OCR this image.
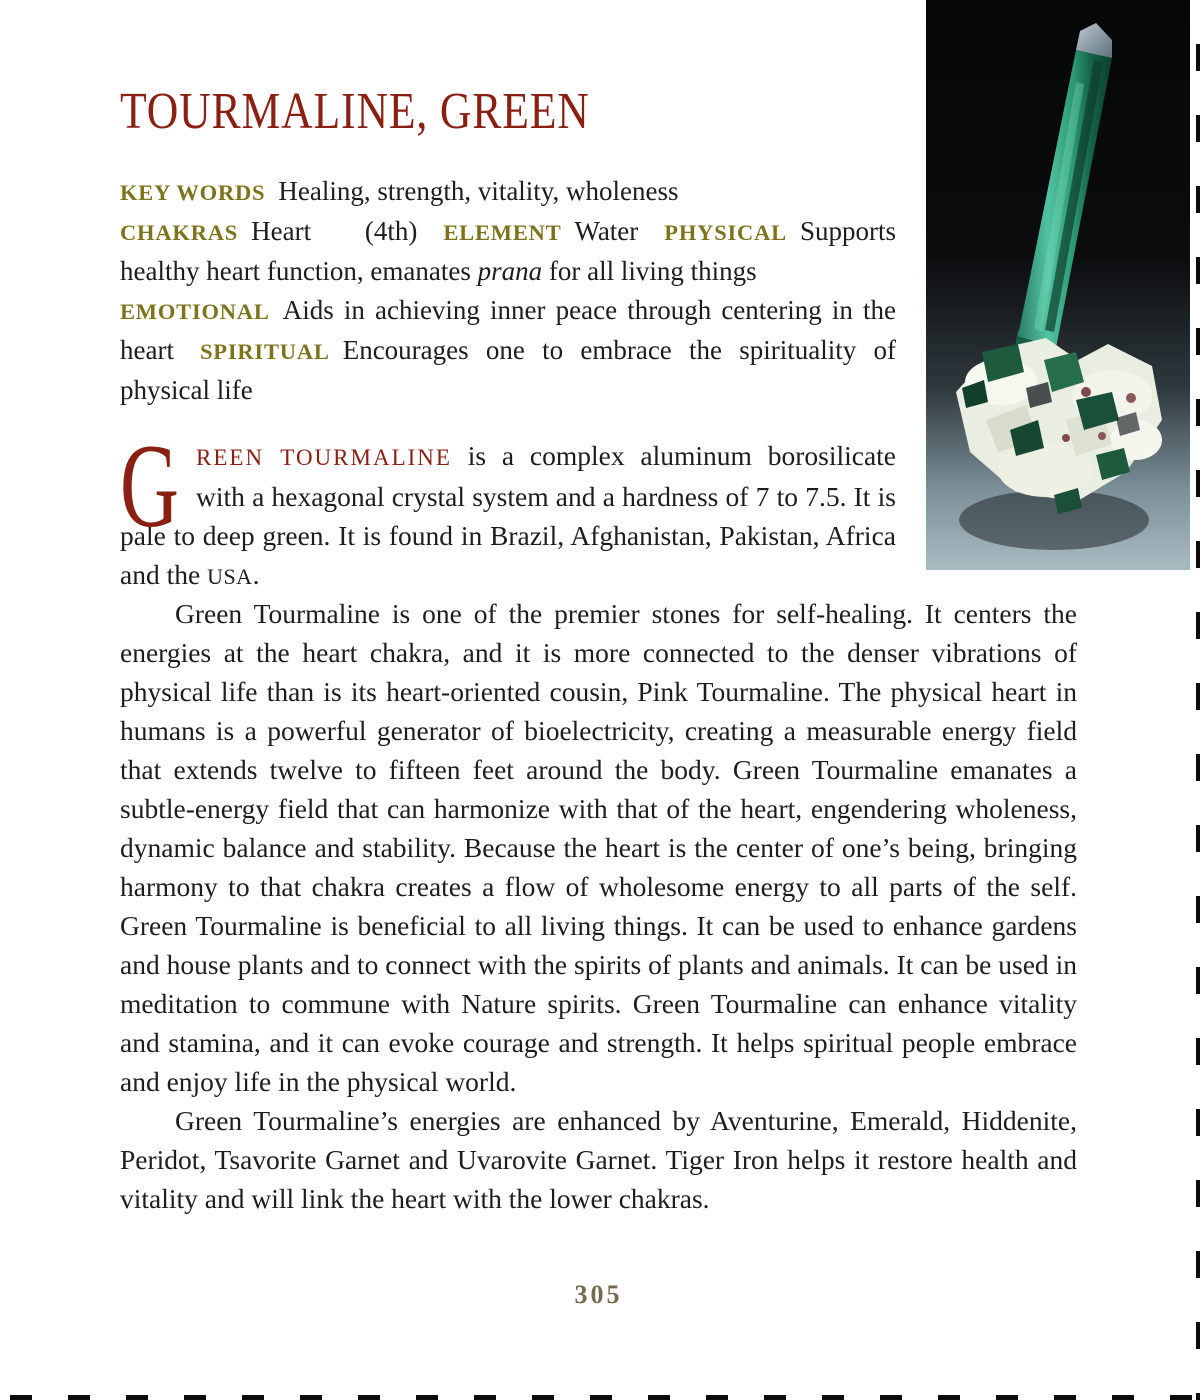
TOURMALINE, GREEN

KEY WORDS Healing, strength, vitality, wholeness

CHAKRAS Heart (4th) ELEMENT Water PHYSICAL Supports healthy heart function, emanates prana for all living things

EMOTIONAL Aids in achieving inner peace through centering in the heart SPIRITUAL Encourages one to embrace the spirituality of physical life

GREEN TOURMALINE is a complex aluminum borosilicate with a hexagonal crystal system and a hardness of 7 to 7.5. It is pale to deep green. It is found in Brazil, Afghanistan, Pakistan, Africa and the USA.

Green Tourmaline is one of the premier stones for self-healing. It centers the energies at the heart chakra, and it is more connected to the denser vibrations of physical life than is its heart-oriented cousin, Pink Tourmaline. The physical heart in humans is a powerful generator of bioelectricity, creating a measurable energy field that extends twelve to fifteen feet around the body. Green Tourmaline emanates a subtle-energy field that can harmonize with that of the heart, engendering wholeness, dynamic balance and stability. Because the heart is the center of one’s being, bringing harmony to that chakra creates a flow of wholesome energy to all parts of the self. Green Tourmaline is beneficial to all living things. It can be used to enhance gardens and house plants and to connect with the spirits of plants and animals. It can be used in meditation to commune with Nature spirits. Green Tourmaline can enhance vitality and stamina, and it can evoke courage and strength. It helps spiritual people embrace and enjoy life in the physical world.

Green Tourmaline’s energies are enhanced by Aventurine, Emerald, Hiddenite, Peridot, Tsavorite Garnet and Uvarovite Garnet. Tiger Iron helps it restore health and vitality and will link the heart with the lower chakras.

305
